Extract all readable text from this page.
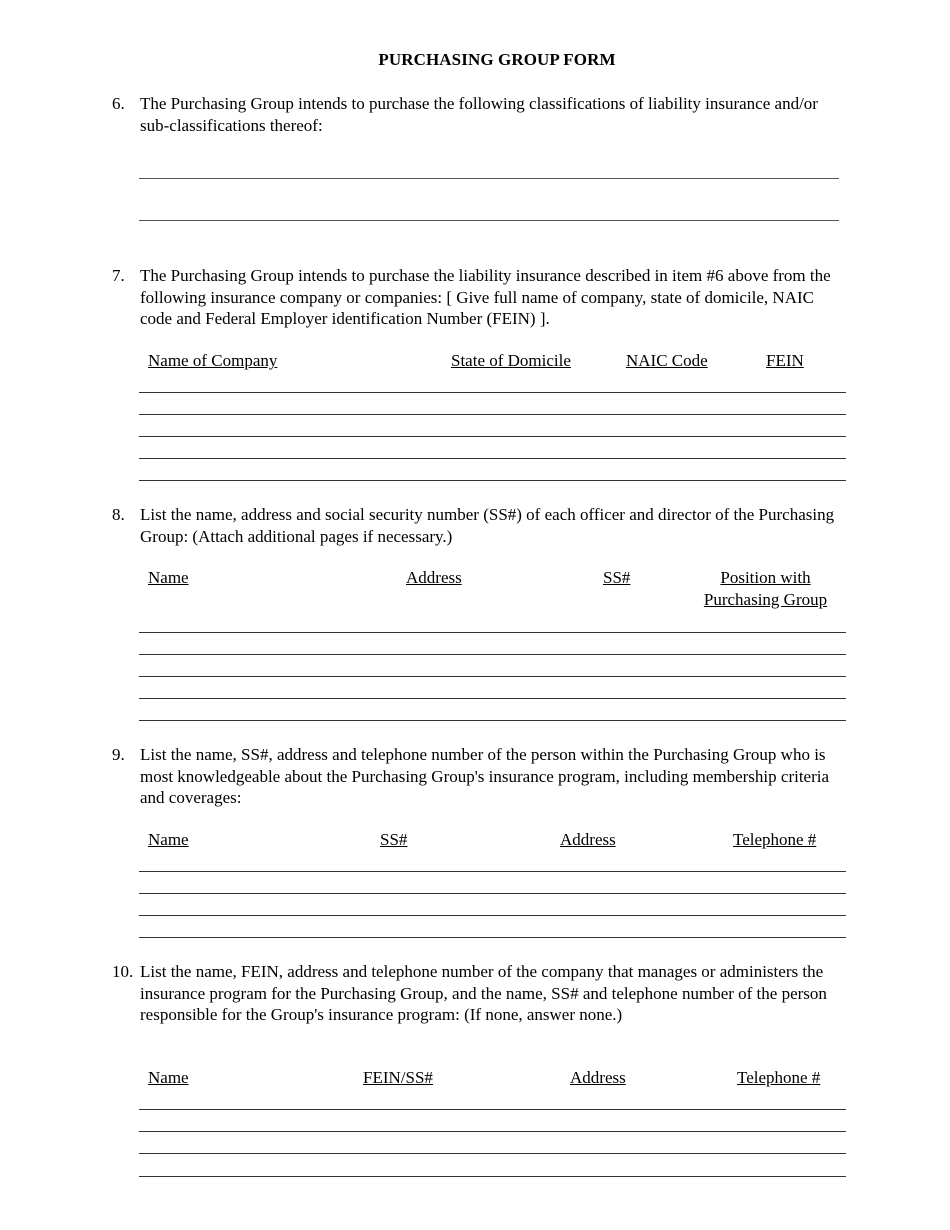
PURCHASING GROUP FORM
6. The Purchasing Group intends to purchase the following classifications of liability insurance and/or sub-classifications thereof:
7. The Purchasing Group intends to purchase the liability insurance described in item #6 above from the following insurance company or companies: [ Give full name of company, state of domicile, NAIC code and Federal Employer identification Number (FEIN) ].
Name of Company	State of Domicile	NAIC Code	FEIN
8. List the name, address and social security number (SS#) of each officer and director of the Purchasing Group: (Attach additional pages if necessary.)
Name	Address	SS#	Position with
Purchasing Group
9. List the name, SS#, address and telephone number of the person within the Purchasing Group who is most knowledgeable about the Purchasing Group's insurance program, including membership criteria and coverages:
Name	SS#	Address	Telephone #
10. List the name, FEIN, address and telephone number of the company that manages or administers the insurance program for the Purchasing Group, and the name, SS# and telephone number of the person responsible for the Group's insurance program: (If none, answer none.)
Name	FEIN/SS#	Address	Telephone #
